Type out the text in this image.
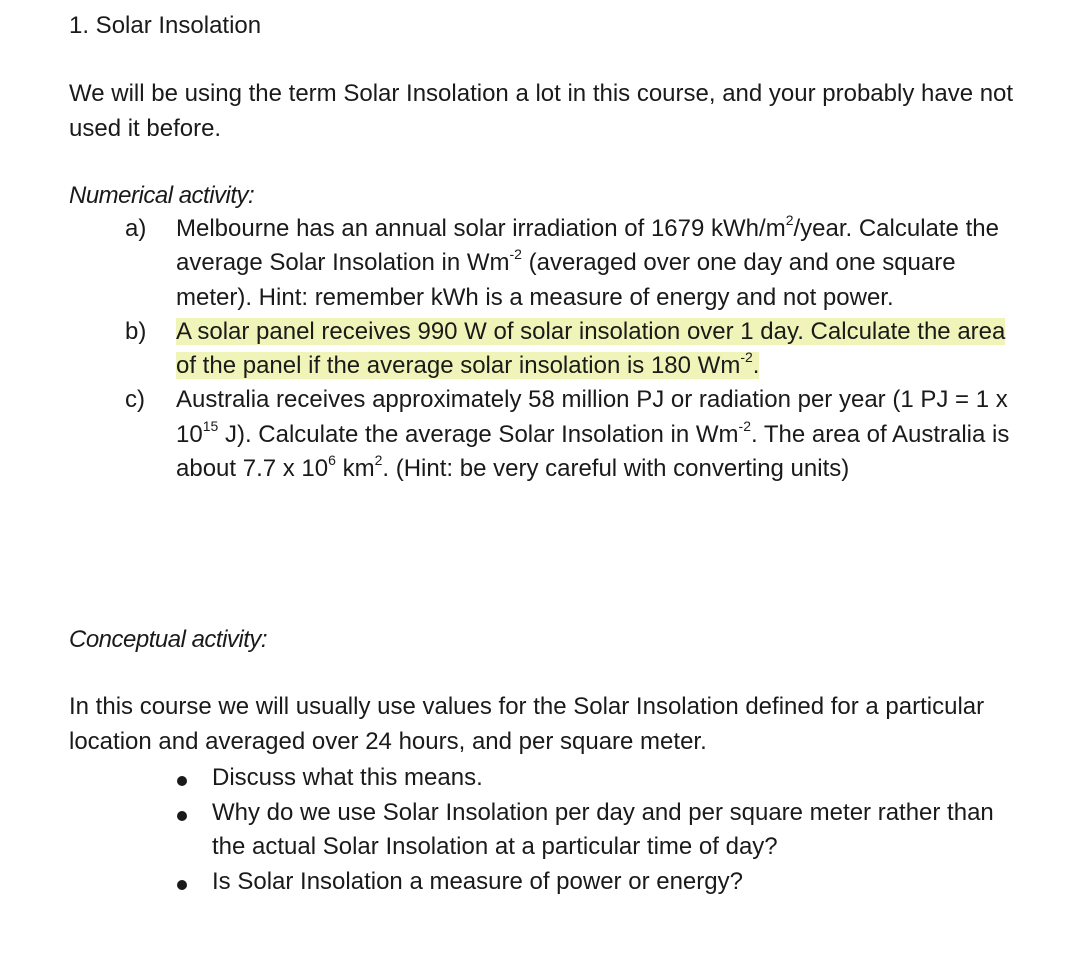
1. Solar Insolation

We will be using the term Solar Insolation a lot in this course, and your probably have not used it before.

Numerical activity:

a) Melbourne has an annual solar irradiation of 1679 kWh/$m^2$/year. Calculate the average Solar Insolation in $Wm^{-2}$ (averaged over one day and one square meter). Hint: remember kWh is a measure of energy and not power.
b) A solar panel receives 990 W of solar insolation over 1 day. Calculate the area of the panel if the average solar insolation is 180 $Wm^{-2}$.
c) Australia receives approximately 58 million PJ or radiation per year (1 PJ = 1 x $10^{15}$ J). Calculate the average Solar Insolation in $Wm^{-2}$. The area of Australia is about 7.7 x $10^6$ $km^2$. (Hint: be very careful with converting units)

Conceptual activity:

In this course we will usually use values for the Solar Insolation defined for a particular location and averaged over 24 hours, and per square meter.

Discuss what this means.
Why do we use Solar Insolation per day and per square meter rather than the actual Solar Insolation at a particular time of day?
Is Solar Insolation a measure of power or energy?
